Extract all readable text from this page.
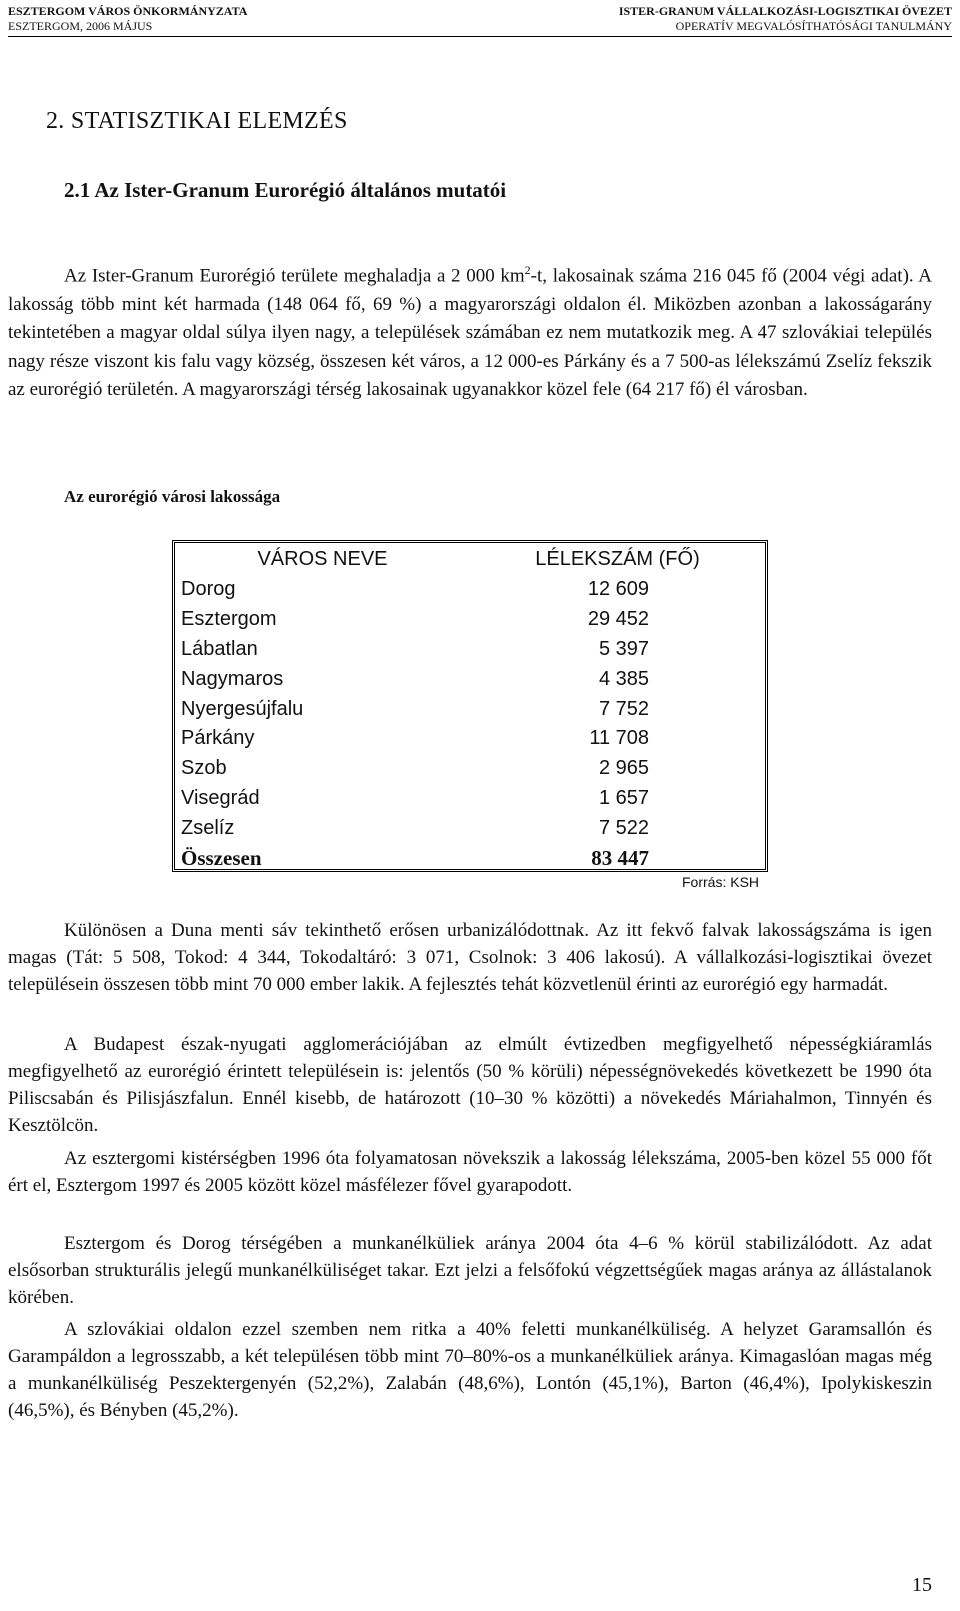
ESZTERGOM VÁROS ÖNKORMÁNYZATA	ISTER-GRANUM VÁLLALKOZÁSI-LOGISZTIKAI ÖVEZET
ESZTERGOM, 2006 MÁJUS	OPERATÍV MEGVALÓSÍTHATÓSÁGI TANULMÁNY
2. STATISZTIKAI ELEMZÉS
2.1 Az Ister-Granum Eurorégió általános mutatói

Az Ister-Granum Eurorégió területe meghaladja a 2 000 $km^2-t$, lakosainak száma 216 045 fő (2004 végi adat). A lakosság több mint két harmada (148 064 fő, 69 %) a magyarországi oldalon él. Miközben azonban a lakosságarány tekintetében a magyar oldal súlya ilyen nagy, a települések számában ez nem mutatkozik meg. A 47 szlovákiai település nagy része viszont kis falu vagy község, összesen két város, a 12 000-es Párkány és a 7 500-as lélekszámú Zselíz fekszik az eurorégió területén. A magyarországi térség lakosainak ugyanakkor közel fele (64 217 fő) él városban.

Az eurorégió városi lakossága
VÁROS NEVE	LÉLEKSZÁM (FŐ)
Dorog	12 609
Esztergom	29 452
Lábatlan	5 397
Nagymaros	4 385
Nyergesújfalu	7 752
Párkány	11 708
Szob	2 965
Visegrád	1 657
Zselíz	7 522
Összesen	83 447
Forrás: KSH

Különösen a Duna menti sáv tekinthető erősen urbanizálódottnak. Az itt fekvő falvak lakosságszáma is igen magas (Tát: 5 508, Tokod: 4 344, Tokodaltáró: 3 071, Csolnok: 3 406 lakosú). A vállalkozási-logisztikai övezet településein összesen több mint 70 000 ember lakik. A fejlesztés tehát közvetlenül érinti az eurorégió egy harmadát.

A Budapest észak-nyugati agglomerációjában az elmúlt évtizedben megfigyelhető népességkiáramlás megfigyelhető az eurorégió érintett településein is: jelentős (50 % körüli) népességnövekedés következett be 1990 óta Piliscsabán és Pilisjászfalun. Ennél kisebb, de határozott (10–30 % közötti) a növekedés Máriahalmon, Tinnyén és Kesztölcön.

Az esztergomi kistérségben 1996 óta folyamatosan növekszik a lakosság lélekszáma, 2005-ben közel 55 000 főt ért el, Esztergom 1997 és 2005 között közel másfélezer fővel gyarapodott.

Esztergom és Dorog térségében a munkanélküliek aránya 2004 óta 4–6 % körül stabilizálódott. Az adat elsősorban strukturális jelegű munkanélküliséget takar. Ezt jelzi a felsőfokú végzettségűek magas aránya az állástalanok körében.

A szlovákiai oldalon ezzel szemben nem ritka a 40% feletti munkanélküliség. A helyzet Garamsallón és Garampáldon a legrosszabb, a két településen több mint 70–80%-os a munkanélküliek aránya. Kimagaslóan magas még a munkanélküliség Peszektergenyén (52,2%), Zalabán (48,6%), Lontón (45,1%), Barton (46,4%), Ipolykiskeszin (46,5%), és Bényben (45,2%).

15
